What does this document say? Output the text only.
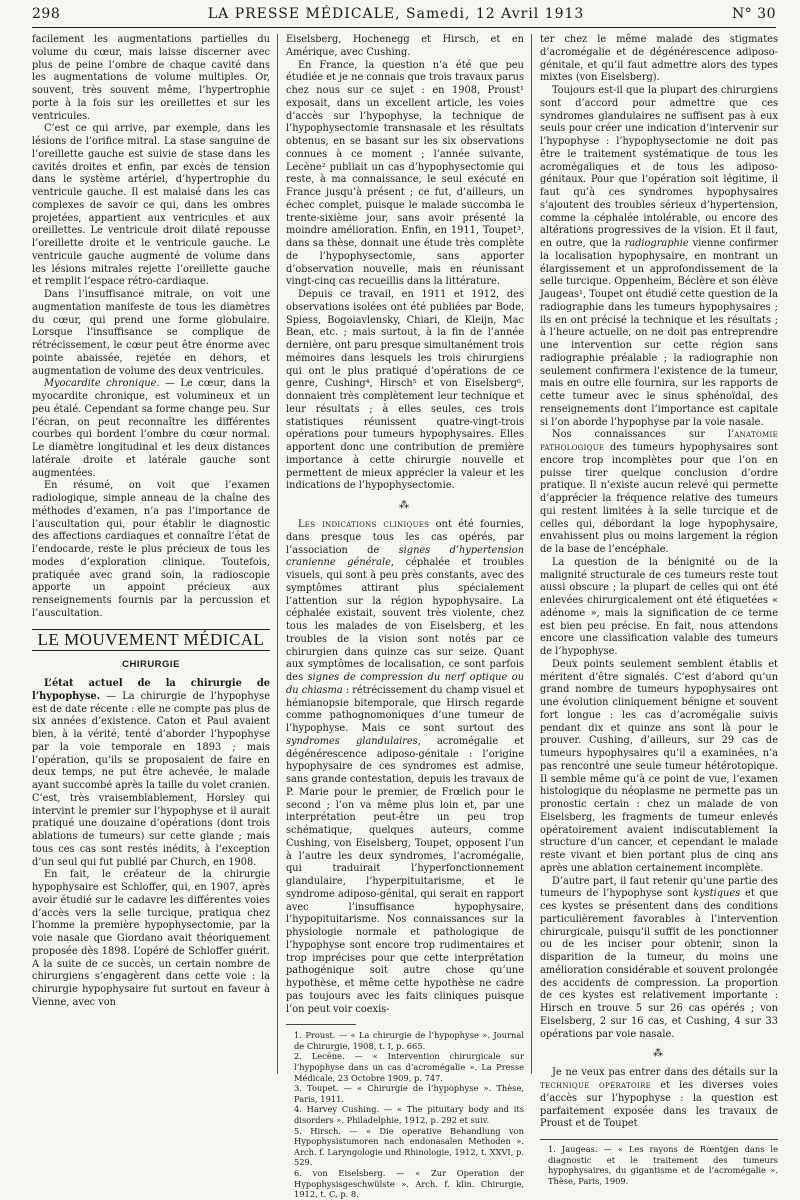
298	LA PRESSE MÉDICALE, Samedi, 12 Avril 1913	N° 30

facilement les augmentations partielles du volume du cœur, mais laisse discerner avec plus de peine l’ombre de chaque cavité dans les augmentations de volume multiples. Or, souvent, très souvent même, l’hypertrophie porte à la fois sur les oreillettes et sur les ventricules.

C’est ce qui arrive, par exemple, dans les lésions de l’orifice mitral. La stase sanguine de l’oreillette gauche est suivie de stase dans les cavités droites et enfin, par excès de tension dans le système artériel, d’hypertrophie du ventricule gauche. Il est malaisé dans les cas complexes de savoir ce qui, dans les ombres projetées, appartient aux ventricules et aux oreillettes. Le ventricule droit dilaté repousse l’oreillette droite et le ventricule gauche. Le ventricule gauche augmenté de volume dans les lésions mitrales rejette l’oreillette gauche et remplit l’espace rétro-cardiaque.

Dans l’insuffisance mitrale, on voit une augmentation manifeste de tous les diamètres du cœur, qui prend une forme globulaire. Lorsque l’insuffisance se complique de rétrécissement, le cœur peut être énorme avec pointe abaissée, rejetée en dehors, et augmentation de volume des deux ventricules.

Myocardite chronique. — Le cœur, dans la myocardite chronique, est volumineux et un peu étalé. Cependant sa forme change peu. Sur l’écran, on peut reconnaître les différentes courbes qui bordent l’ombre du cœur normal. Le diamètre longitudinal et les deux distances latérale droite et latérale gauche sont augmentées.

En résumé, on voit que l’examen radiologique, simple anneau de la chaîne des méthodes d’examen, n’a pas l’importance de l’auscultation qui, pour établir le diagnostic des affections cardiaques et connaître l’état de l’endocarde, reste le plus précieux de tous les modes d’exploration clinique. Toutefois, pratiquée avec grand soin, la radioscopie apporte un appoint précieux aux renseignements fournis par la percussion et l’auscultation.

LE MOUVEMENT MÉDICAL
CHIRURGIE

L’état actuel de la chirurgie de l’hypophyse. — La chirurgie de l’hypophyse est de date récente : elle ne compte pas plus de six années d’existence. Caton et Paul avaient bien, à la vérité, tenté d’aborder l’hypophyse par la voie temporale en 1893 ; mais l’opération, qu’ils se proposaient de faire en deux temps, ne put être achevée, le malade ayant succombé après la taille du volet cranien. C’est, très vraisemblablement, Horsley qui intervint le premier sur l’hypophyse et il aurait pratiqué une douzaine d’opérations (dont trois ablations de tumeurs) sur cette glande ; mais tous ces cas sont restés inédits, à l’exception d’un seul qui fut publié par Church, en 1908.

En fait, le créateur de la chirurgie hypophysaire est Schloffer, qui, en 1907, après avoir étudié sur le cadavre les différentes voies d’accès vers la selle turcique, pratiqua chez l’homme la première hypophysectomie, par la voie nasale que Giordano avait théoriquement proposée dès 1898. L’opéré de Schloffer guérit. A la suite de ce succès, un certain nombre de chirurgiens s’engagèrent dans cette voie : la chirurgie hypophysaire fut surtout en faveur à Vienne, avec von

Eiselsberg, Hochenegg et Hirsch, et en Amérique, avec Cushing.

En France, la question n’a été que peu étudiée et je ne connais que trois travaux parus chez nous sur ce sujet : en 1908, Proust¹ exposait, dans un excellent article, les voies d’accès sur l’hypophyse, la technique de l’hypophysectomie transnasale et les résultats obtenus, en se basant sur les six observations connues à ce moment ; l’année suivante, Lecène² publiait un cas d’hypophysectomie qui reste, à ma connaissance, le seul exécuté en France jusqu’à présent ; ce fut, d’ailleurs, un échec complet, puisque le malade succomba le trente-sixième jour, sans avoir présenté la moindre amélioration. Enfin, en 1911, Toupet³, dans sa thèse, donnait une étude très complète de l’hypophysectomie, sans apporter d’observation nouvelle, mais en réunissant vingt-cinq cas recueillis dans la littérature.

Depuis ce travail, en 1911 et 1912, des observations isolées ont été publiées par Bode, Spiess, Bogoiavlensky, Chiari, de Kleijn, Mac Bean, etc. ; mais surtout, à la fin de l’année dernière, ont paru presque simultanément trois mémoires dans lesquels les trois chirurgiens qui ont le plus pratiqué d’opérations de ce genre, Cushing⁴, Hirsch⁵ et von Eiselsberg⁶, donnaient très complètement leur technique et leur résultats ; à elles seules, ces trois statistiques réunissent quatre-vingt-trois opérations pour tumeurs hypophysaires. Elles apportent donc une contribution de première importance à cette chirurgie nouvelle et permettent de mieux apprécier la valeur et les indications de l’hypophysectomie.

⁂

Les indications cliniques ont été fournies, dans presque tous les cas opérés, par l’association de signes d’hypertension cranienne générale, céphalée et troubles visuels, qui sont à peu près constants, avec des symptômes attirant plus spécialement l’attention sur la région hypophysaire. La céphalée existait, souvent très violente, chez tous les malades de von Eiselsberg, et les troubles de la vision sont notés par ce chirurgien dans quinze cas sur seize. Quant aux symptômes de localisation, ce sont parfois des signes de compression du nerf optique ou du chiasma : rétrécissement du champ visuel et hémianopsie bitemporale, que Hirsch regarde comme pathognomoniques d’une tumeur de l’hypophyse. Mais ce sont surtout des syndromes glandulaires, acromégalie et dégénérescence adiposo-génitale : l’origine hypophysaire de ces syndromes est admise, sans grande contestation, depuis les travaux de P. Marie pour le premier, de Frœlich pour le second ; l’on va même plus loin et, par une interprétation peut-être un peu trop schématique, quelques auteurs, comme Cushing, von Eiselsberg, Toupet, opposent l’un à l’autre les deux syndromes, l’acromégalie, qui traduirait l’hyperfonctionnement glandulaire, l’hyperpituitarisme, et le syndrome adiposo-génital, qui serait en rapport avec l’insuffisance hypophysaire, l’hypopituitarisme. Nos connaissances sur la physiologie normale et pathologique de l’hypophyse sont encore trop rudimentaires et trop imprécises pour que cette interprétation pathogénique soit autre chose qu’une hypothèse, et même cette hypothèse ne cadre pas toujours avec les faits cliniques puisque l’on peut voir coexis-

1. Proust. — « La chirurgie de l’hypophyse ». Journal de Chirurgie, 1908, t. I, p. 665.

2. Lecène. — « Intervention chirurgicale sur l’hypophyse dans un cas d’acromégalie ». La Presse Médicale, 23 Octobre 1909, p. 747.

3. Toupet. — « Chirurgie de l’hypophyse ». Thèse, Paris, 1911.

4. Harvey Cushing. — « The pituitary body and its disorders ». Philadelphie, 1912, p. 292 et suiv.

5. Hirsch. — « Die operative Behandlung von Hypophysistumoren nach endonasalen Methoden ». Arch. f. Laryngologie und Rhinologie, 1912, t. XXVI, p. 529.

6. von Eiselsberg. — « Zur Operation der Hypophysisgeschwülste ». Arch. f. klin. Chirurgie, 1912, t. C, p. 8.

ter chez le même malade des stigmates d’acromégalie et de dégénérescence adiposo-génitale, et qu’il faut admettre alors des types mixtes (von Eiselsberg).

Toujours est-il que la plupart des chirurgiens sont d’accord pour admettre que ces syndromes glandulaires ne suffisent pas à eux seuls pour créer une indication d’intervenir sur l’hypophyse : l’hypophysectomie ne doit pas être le traitement systématique de tous les acromégaliques et de tous les adiposo-génitaux. Pour que l’opération soit légitime, il faut qu’à ces syndromes hypophysaires s’ajoutent des troubles sérieux d’hypertension, comme la céphalée intolérable, ou encore des altérations progressives de la vision. Et il faut, en outre, que la radiographie vienne confirmer la localisation hypophysaire, en montrant un élargissement et un approfondissement de la selle turcique. Oppenheim, Béclère et son élève Jaugeas¹, Toupet ont étudié cette question de la radiographie dans les tumeurs hypophysaires ; ils en ont précisé la technique et les résultats ; à l’heure actuelle, on ne doit pas entreprendre une intervention sur cette région sans radiographie préalable ; la radiographie non seulement confirmera l’existence de la tumeur, mais en outre elle fournira, sur les rapports de cette tumeur avec le sinus sphénoïdal, des renseignements dont l’importance est capitale si l’on aborde l’hypophyse par la voie nasale.

Nos connaissances sur l’anatomie pathologique des tumeurs hypophysaires sont encore trop incomplètes pour que l’on en puisse tirer quelque conclusion d’ordre pratique. Il n’existe aucun relevé qui permette d’apprécier la fréquence relative des tumeurs qui restent limitées à la selle turcique et de celles qui, débordant la loge hypophysaire, envahissent plus ou moins largement la région de la base de l’encéphale.

La question de la bénignité ou de la malignité structurale de ces tumeurs reste tout aussi obscure ; la plupart de celles qui ont été enlevées chirurgicalement ont été étiquetées « adénome », mais la signification de ce terme est bien peu précise. En fait, nous attendons encore une classification valable des tumeurs de l’hypophyse.

Deux points seulement semblent établis et méritent d’être signalés. C’est d’abord qu’un grand nombre de tumeurs hypophysaires ont une évolution cliniquement bénigne et souvent fort longue : les cas d’acromégalie suivis pendant dix et quinze ans sont là pour le prouver. Cushing, d’ailleurs, sur 29 cas de tumeurs hypophysaires qu’il a examinées, n’a pas rencontré une seule tumeur hétérotopique. Il semble même qu’à ce point de vue, l’examen histologique du néoplasme ne permette pas un pronostic certain : chez un malade de von Eiselsberg, les fragments de tumeur enlevés opératoirement avaient indiscutablement la structure d’un cancer, et cependant le malade reste vivant et bien portant plus de cinq ans après une ablation certainement incomplète.

D’autre part, il faut retenir qu’une partie des tumeurs de l’hypophyse sont kystiques et que ces kystes se présentent dans des conditions particulièrement favorables à l’intervention chirurgicale, puisqu’il suffit de les ponctionner ou de les inciser pour obtenir, sinon la disparition de la tumeur, du moins une amélioration considérable et souvent prolongée des accidents de compression. La proportion de ces kystes est relativement importante : Hirsch en trouve 5 sur 26 cas opérés ; von Eiselsberg, 2 sur 16 cas, et Cushing, 4 sur 33 opérations par voie nasale.

⁂

Je ne veux pas entrer dans des détails sur la technique opératoire et les diverses voies d’accès sur l’hypophyse : la question est parfaitement exposée dans les travaux de Proust et de Toupet

1. Jaugeas. — « Les rayons de Rœntgen dans le diagnostic et le traitement des tumeurs hypophysaires, du gigantisme et de l’acromégalie ». Thèse, Paris, 1909.
